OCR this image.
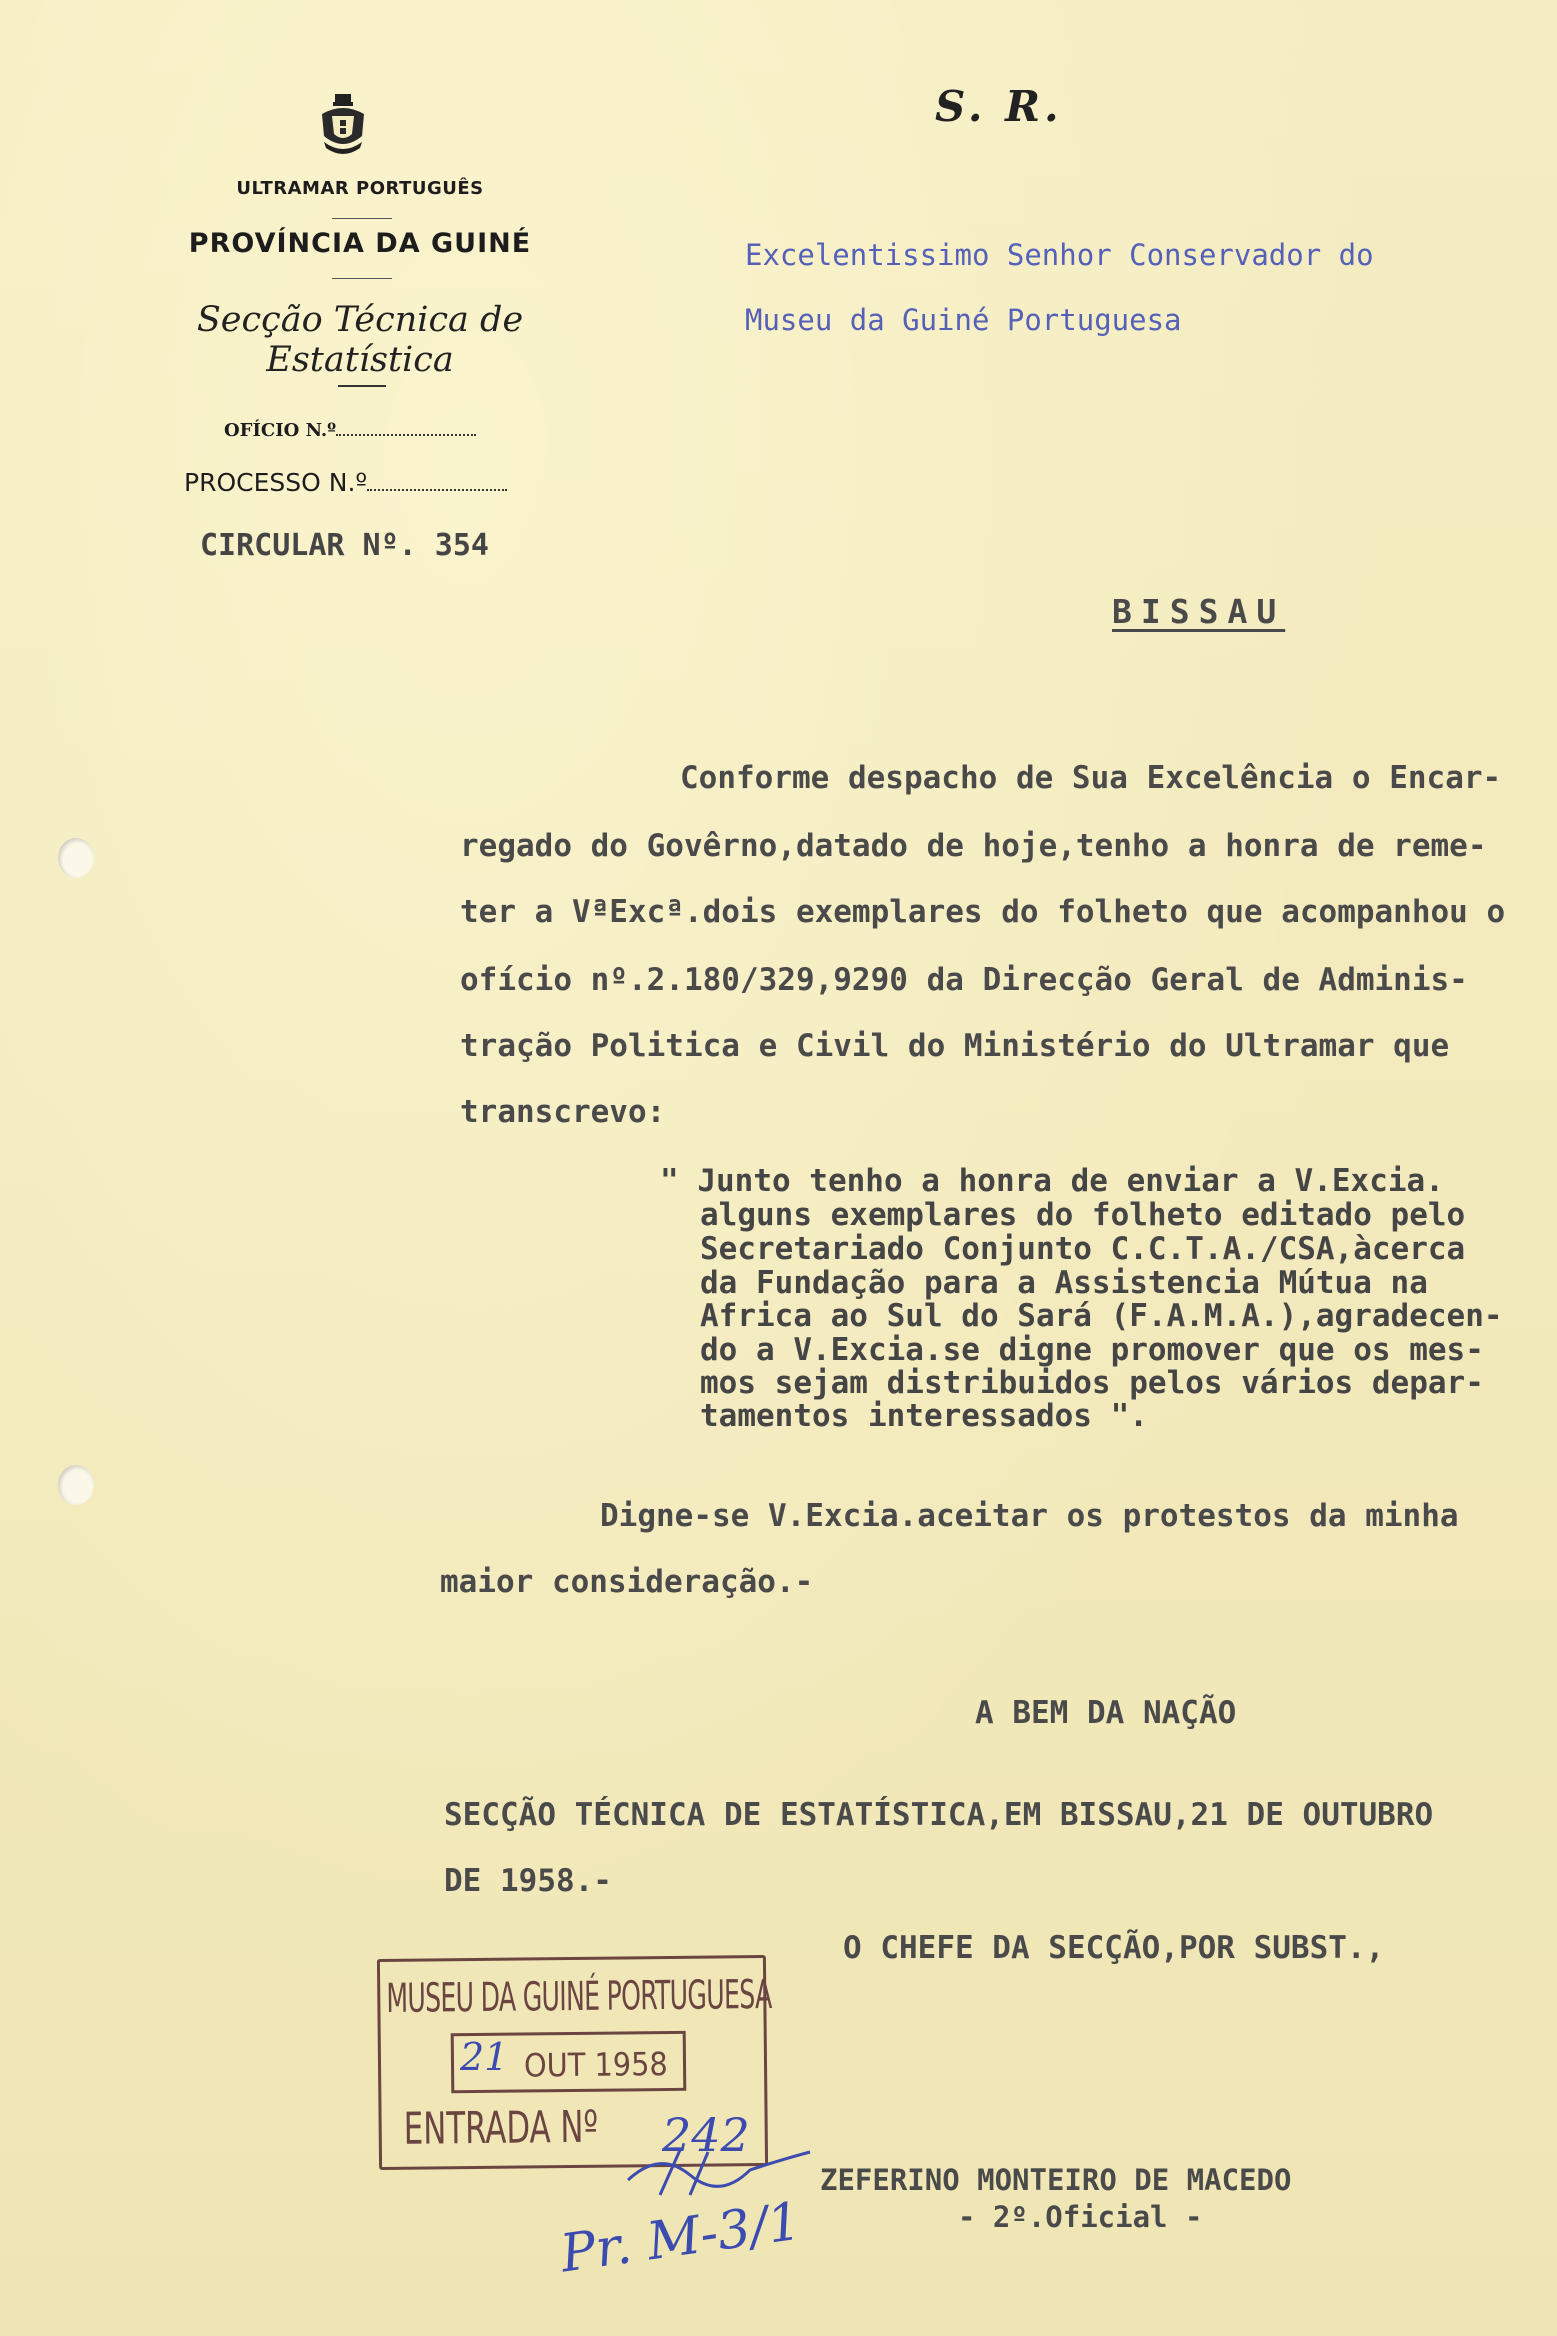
ULTRAMAR PORTUGUÊS
PROVÍNCIA DA GUINÉ
Secção Técnica de Estatística
OFÍCIO N.º
PROCESSO N.º
CIRCULAR Nº. 354
S. R.
Excelentissimo Senhor Conservador do
Museu da Guiné Portuguesa
BISSAU
Conforme despacho de Sua Excelência o Encar-
regado do Govêrno,datado de hoje,tenho a honra de reme-
ter a VªExcª.dois exemplares do folheto que acompanhou o
ofício nº.2.180/329,9290 da Direcção Geral de Adminis-
tração Politica e Civil do Ministério do Ultramar que
transcrevo:
" Junto tenho a honra de enviar a V.Excia.
alguns exemplares do folheto editado pelo
Secretariado Conjunto C.C.T.A./CSA,àcerca
da Fundação para a Assistencia Mútua na
Africa ao Sul do Sará (F.A.M.A.),agradecen-
do a V.Excia.se digne promover que os mes-
mos sejam distribuidos pelos vários depar-
tamentos interessados ".
Digne-se V.Excia.aceitar os protestos da minha
maior consideração.-
A BEM DA NAÇÃO
SECÇÃO TÉCNICA DE ESTATÍSTICA,EM BISSAU,21 DE OUTUBRO
DE 1958.-
O CHEFE DA SECÇÃO,POR SUBST.,
ZEFERINO MONTEIRO DE MACEDO
- 2º.Oficial -
MUSEU DA GUINÉ PORTUGUESA
OUT 1958
ENTRADA Nº
21
242
Pr. M-3/1
